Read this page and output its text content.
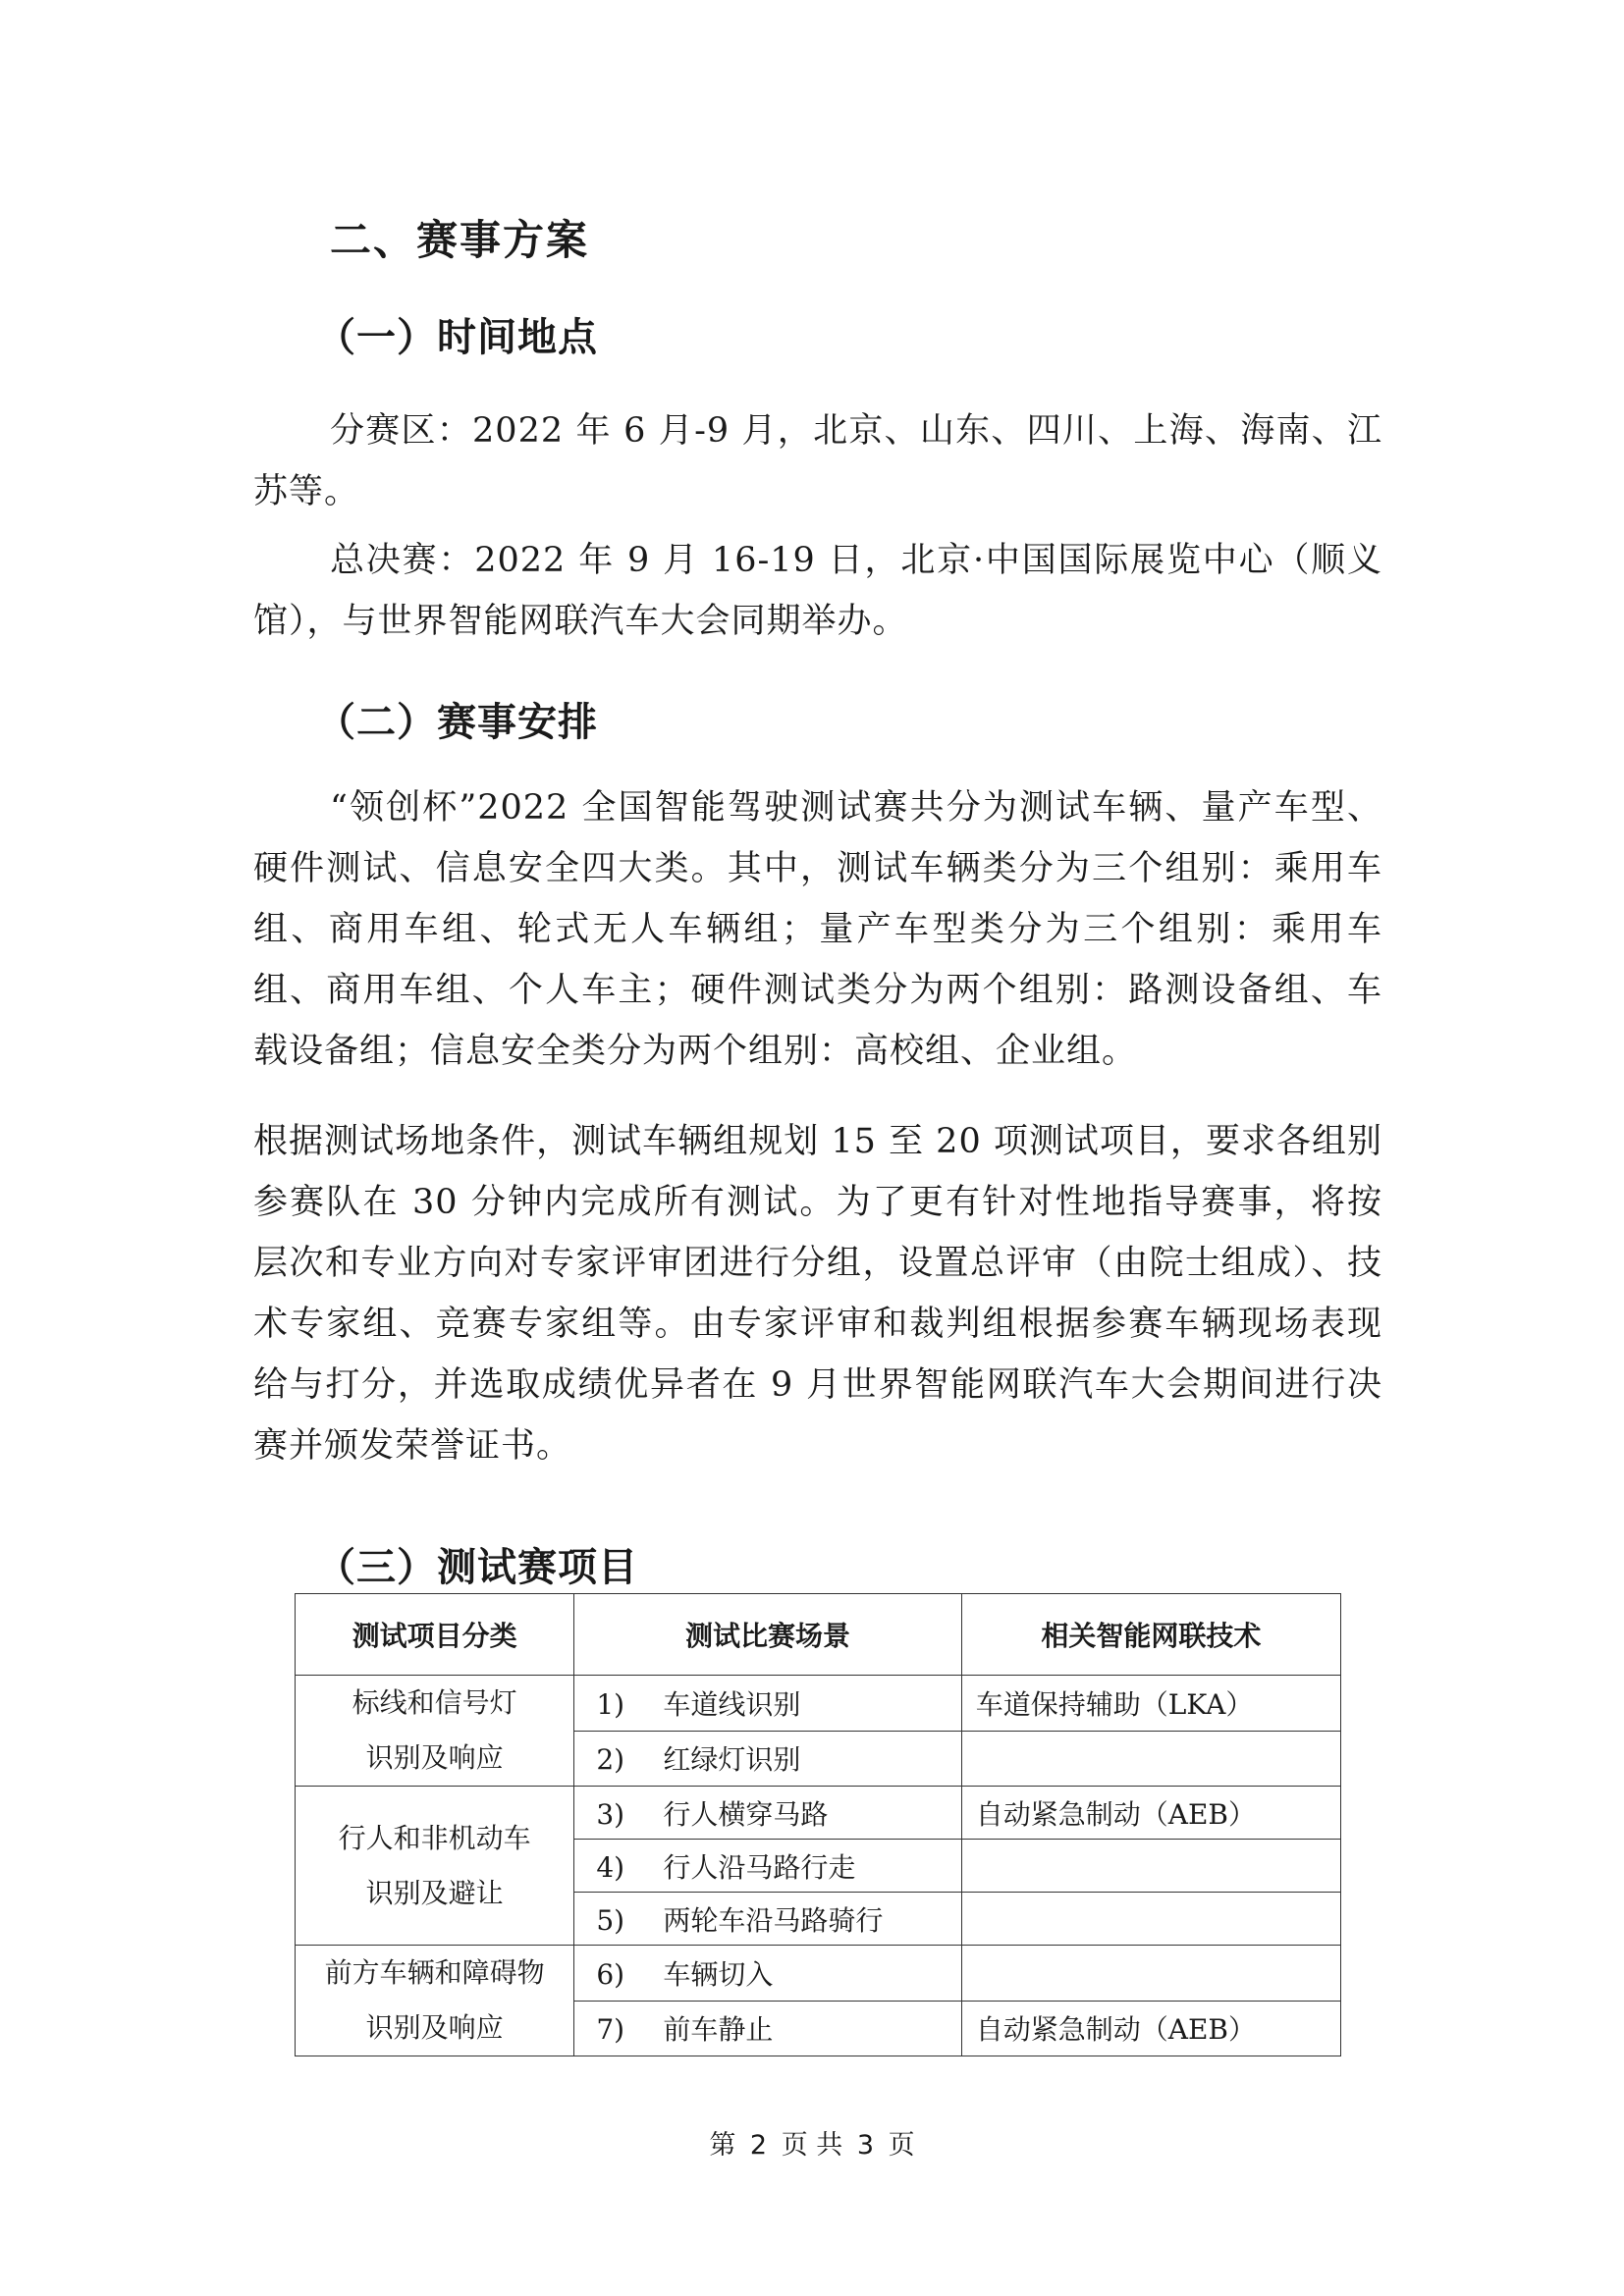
二、赛事方案
（一）时间地点

分赛区：2022 年 6 月-9 月，北京、山东、四川、上海、海南、江苏等。

总决赛：2022 年 9 月 16-19 日，北京·中国国际展览中心（顺义馆），与世界智能网联汽车大会同期举办。

（二）赛事安排

“领创杯”2022 全国智能驾驶测试赛共分为测试车辆、量产车型、硬件测试、信息安全四大类。其中，测试车辆类分为三个组别：乘用车组、商用车组、轮式无人车辆组；量产车型类分为三个组别：乘用车组、商用车组、个人车主；硬件测试类分为两个组别：路测设备组、车载设备组；信息安全类分为两个组别：高校组、企业组。

根据测试场地条件，测试车辆组规划 15 至 20 项测试项目，要求各组别参赛队在 30 分钟内完成所有测试。为了更有针对性地指导赛事，将按层次和专业方向对专家评审团进行分组，设置总评审（由院士组成）、技术专家组、竞赛专家组等。由专家评审和裁判组根据参赛车辆现场表现给与打分，并选取成绩优异者在 9 月世界智能网联汽车大会期间进行决赛并颁发荣誉证书。

（三）测试赛项目
测试项目分类	测试比赛场景	相关智能网联技术

标线和信号灯
识别及响应	1) 车道线识别	车道保持辅助（LKA）
	2) 红绿灯识别	

行人和非机动车
识别及避让	3) 行人横穿马路	自动紧急制动（AEB）
	4) 行人沿马路行走	
	5) 两轮车沿马路骑行	

前方车辆和障碍物
识别及响应	6) 车辆切入	
	7) 前车静止	自动紧急制动（AEB）
第 2 页 共 3 页
